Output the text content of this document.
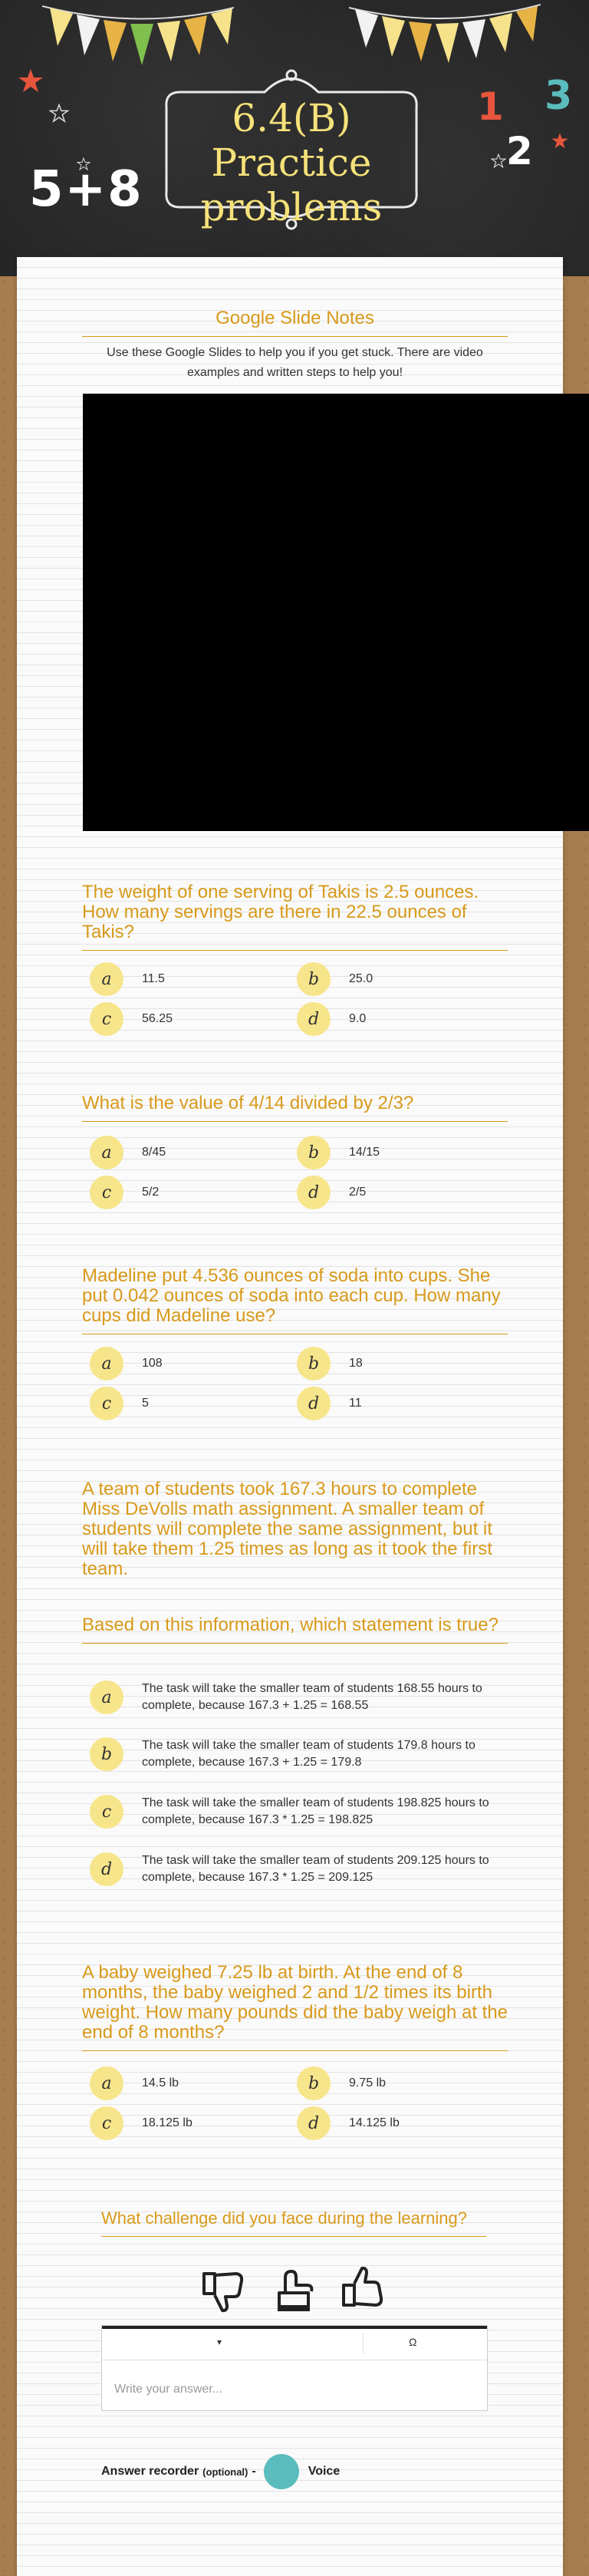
5+8
1
2
3
6.4(B) Practice
problems
Google Slide Notes
Use these Google Slides to help you if you get stuck. There are video examples and written steps to help you!
The weight of one serving of Takis is 2.5 ounces. How many servings are there in 22.5 ounces of Takis?
a	11.5	b	25.0
c	56.25	d	9.0
What is the value of 4/14 divided by 2/3?
a	8/45	b	14/15
c	5/2	d	2/5
Madeline put 4.536 ounces of soda into cups. She put 0.042 ounces of soda into each cup. How many cups did Madeline use?
a	108	b	18
c	5	d	11
A team of students took 167.3 hours to complete Miss DeVolls math assignment. A smaller team of students will complete the same assignment, but it will take them 1.25 times as long as it took the first team.
Based on this information, which statement is true?
a	The task will take the smaller team of students 168.55 hours to complete, because 167.3 + 1.25 = 168.55
b	The task will take the smaller team of students 179.8 hours to complete, because 167.3 + 1.25 = 179.8
c	The task will take the smaller team of students 198.825 hours to complete, because 167.3 * 1.25 = 198.825
d	The task will take the smaller team of students 209.125 hours to complete, because 167.3 * 1.25 = 209.125
A baby weighed 7.25 lb at birth. At the end of 8 months, the baby weighed 2 and 1/2 times its birth weight. How many pounds did the baby weigh at the end of 8 months?
a	14.5 lb	b	9.75 lb
c	18.125 lb	d	14.125 lb
What challenge did you face during the learning?
▾	Ω
Write your answer...
Answer recorder (optional) -	Voice
